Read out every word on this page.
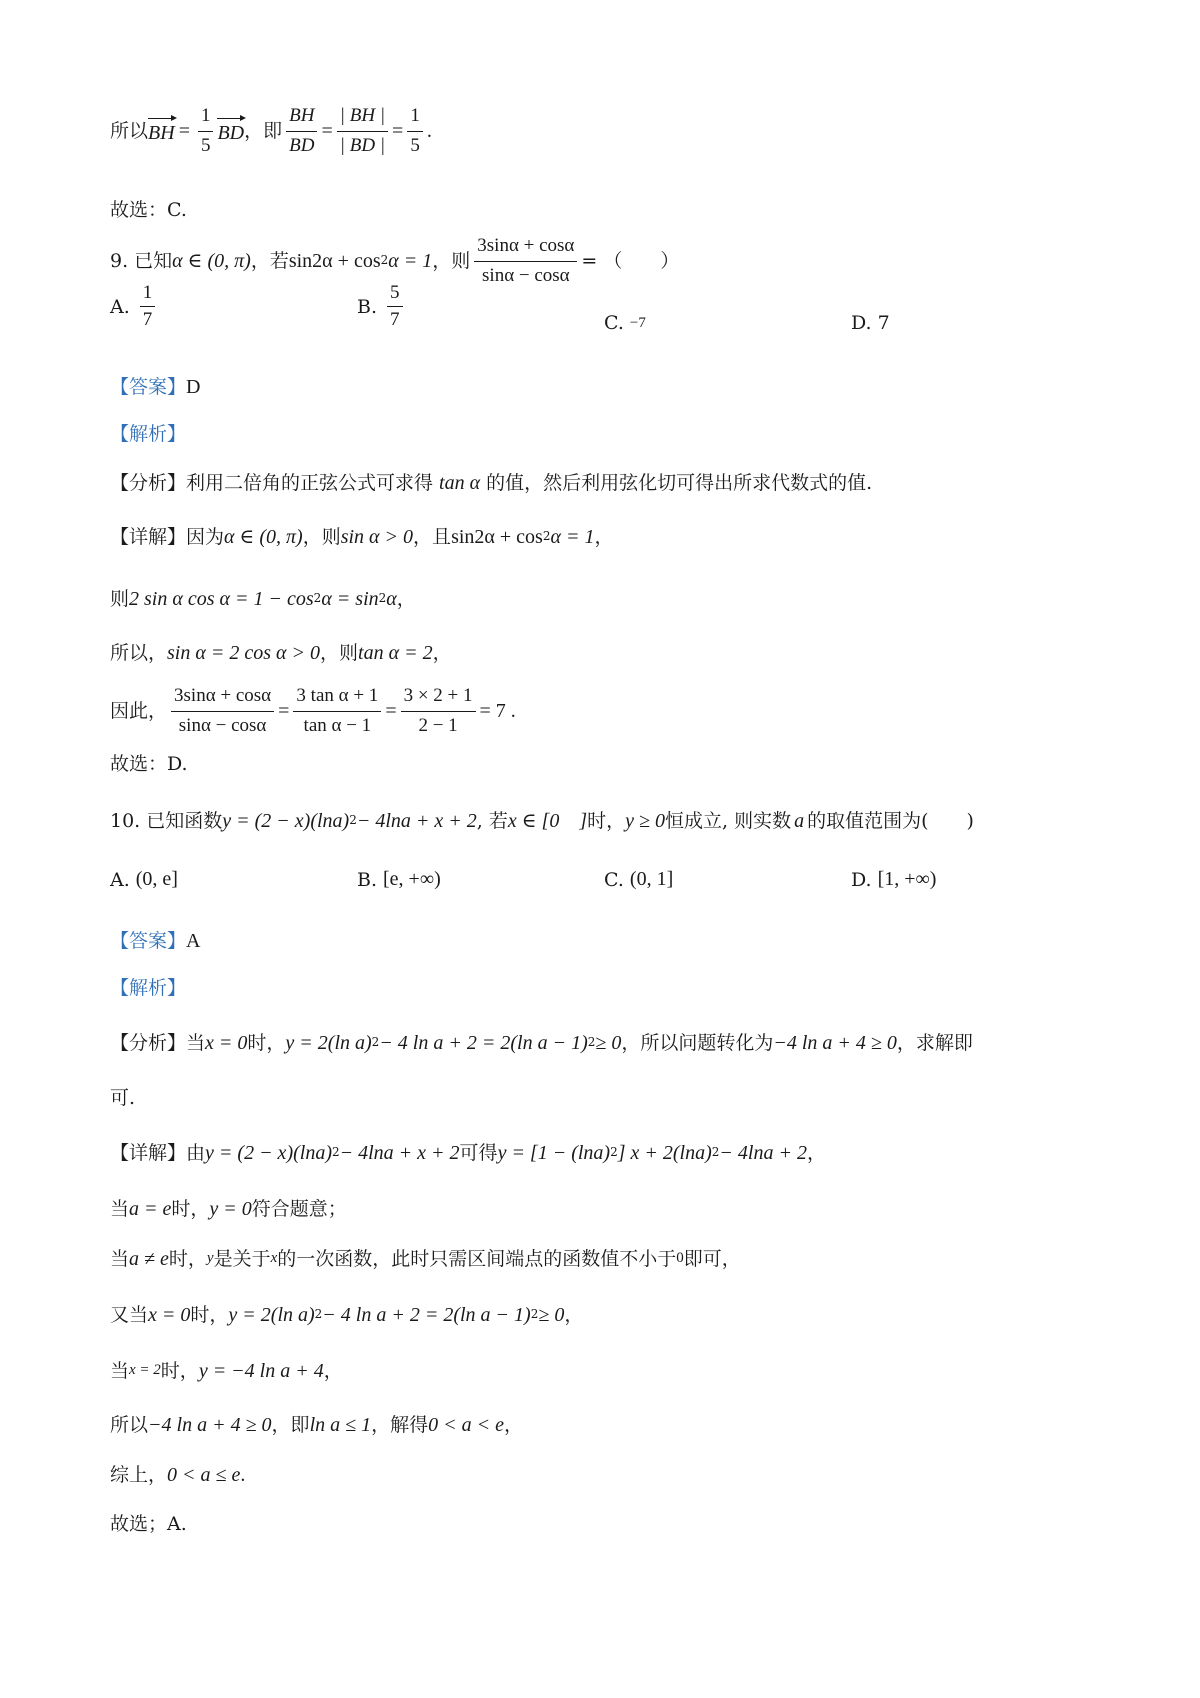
所以 BH = $\frac{1}{5}$ BD ，即 $\frac{BH}{BD} = \frac{| BH |}{| BD |} = \frac{1}{5}$ .
故选：C.
9. 已知 α ∈ (0, π) ，若 sin2α + cos 2 α = 1 ，则 $\frac{3\sin\alpha + \cos\alpha}{\sin\alpha - \cos\alpha}$ = （　　）
A. $\frac{1}{7}$	B. $\frac{5}{7}$	C. −7	D. 7
【答案】 D
【解析】
【分析】 利用二倍角的正弦公式可求得 tan α 的值，然后利用弦化切可得出所求代数式的值.
【详解】 因为 α ∈ (0, π) ，则 sin α > 0 ，且 sin2α + cos 2 α = 1 ，
则 2 sin α cos α = 1 − cos 2 α = sin 2 α ，
所以， sin α = 2 cos α > 0 ，则 tan α = 2 ，
因此， $\frac{3\sin\alpha + \cos\alpha}{\sin\alpha - \cos\alpha} = \frac{\text{3 tan α + 1}}{\text{tan α − 1}} = \frac{3 \times 2 + 1}{2 - 1} = 7$ .
故选：D.
10. 已知函数 y = (2 − x)(lna) 2 − 4lna + x + 2 , 若 x ∈ [0　] 时， y ≥ 0 恒成立, 则实数 a 的取值范围为(　　)
A. (0, e]	B. [e, +∞)	C. (0, 1]	D. [1, +∞)
【答案】 A
【解析】
【分析】 当 x = 0 时， y = 2(ln a) 2 − 4 ln a + 2 = 2(ln a − 1) 2 ≥ 0 ，所以问题转化为 −4 ln a + 4 ≥ 0 ，求解即
可.
【详解】 由 y = (2 − x)(lna) 2 − 4lna + x + 2 可得 y = [1 − (lna) 2 ] x + 2(lna) 2 − 4lna + 2 ，
当 a = e 时， y = 0 符合题意；
当 a ≠ e 时， y 是关于 x 的一次函数，此时只需区间端点的函数值不小于 0 即可，
又当 x = 0 时， y = 2(ln a) 2 − 4 ln a + 2 = 2(ln a − 1) 2 ≥ 0 ，
当 x = 2 时， y = −4 ln a + 4 ，
所以 −4 ln a + 4 ≥ 0 ，即 ln a ≤ 1 ，解得 0 < a < e ，
综上， 0 < a ≤ e .
故选；A.
